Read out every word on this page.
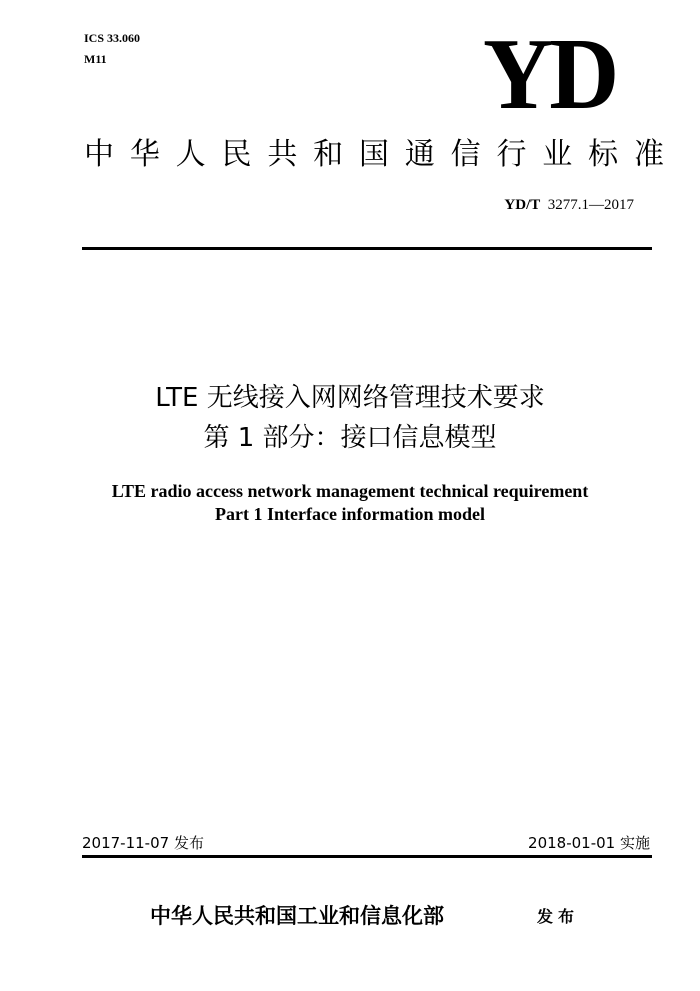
ICS 33.060
M11	YD
中 华 人 民 共 和 国 通 信 行 业 标 准
YD/T 3277.1—2017
LTE 无线接入网网络管理技术要求
第 1 部分：接口信息模型
LTE radio access network management technical requirement
Part 1 Interface information model
2017-11-07 发布	2018-01-01 实施
中华人民共和国工业和信息化部	发布
